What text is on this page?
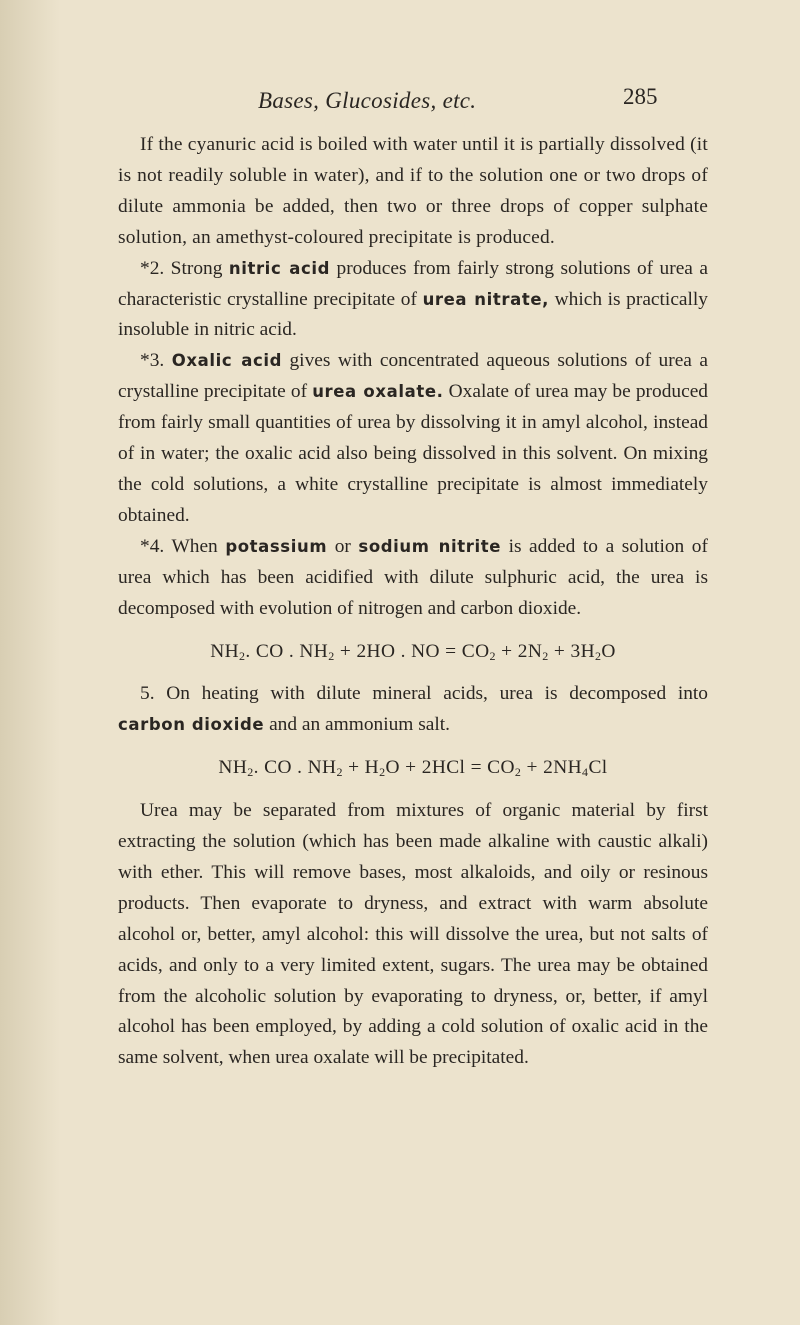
Bases, Glucosides, etc.	285

If the cyanuric acid is boiled with water until it is partially dissolved (it is not readily soluble in water), and if to the solution one or two drops of dilute ammonia be added, then two or three drops of copper sulphate solution, an amethyst-coloured precipitate is produced.

*2. Strong nitric acid produces from fairly strong solutions of urea a characteristic crystalline precipitate of urea nitrate, which is practically insoluble in nitric acid.

*3. Oxalic acid gives with concentrated aqueous solutions of urea a crystalline precipitate of urea oxalate. Oxalate of urea may be produced from fairly small quantities of urea by dissolving it in amyl alcohol, instead of in water; the oxalic acid also being dissolved in this solvent. On mixing the cold solutions, a white crystalline precipitate is almost immediately obtained.

*4. When potassium or sodium nitrite is added to a solution of urea which has been acidified with dilute sulphuric acid, the urea is decomposed with evolution of nitrogen and carbon dioxide.

$NH_2$. CO . $NH_2 + 2HO$ . NO = $CO_2 + 2N_2 + 3H_2O$

5. On heating with dilute mineral acids, urea is decomposed into carbon dioxide and an ammonium salt.

$NH_2$. CO . $NH_2 + H_2O + 2HCl = CO_2 + 2NH_4Cl$

Urea may be separated from mixtures of organic material by first extracting the solution (which has been made alkaline with caustic alkali) with ether. This will remove bases, most alkaloids, and oily or resinous products. Then evaporate to dryness, and extract with warm absolute alcohol or, better, amyl alcohol: this will dissolve the urea, but not salts of acids, and only to a very limited extent, sugars. The urea may be obtained from the alcoholic solution by evaporating to dryness, or, better, if amyl alcohol has been employed, by adding a cold solution of oxalic acid in the same solvent, when urea oxalate will be precipitated.
